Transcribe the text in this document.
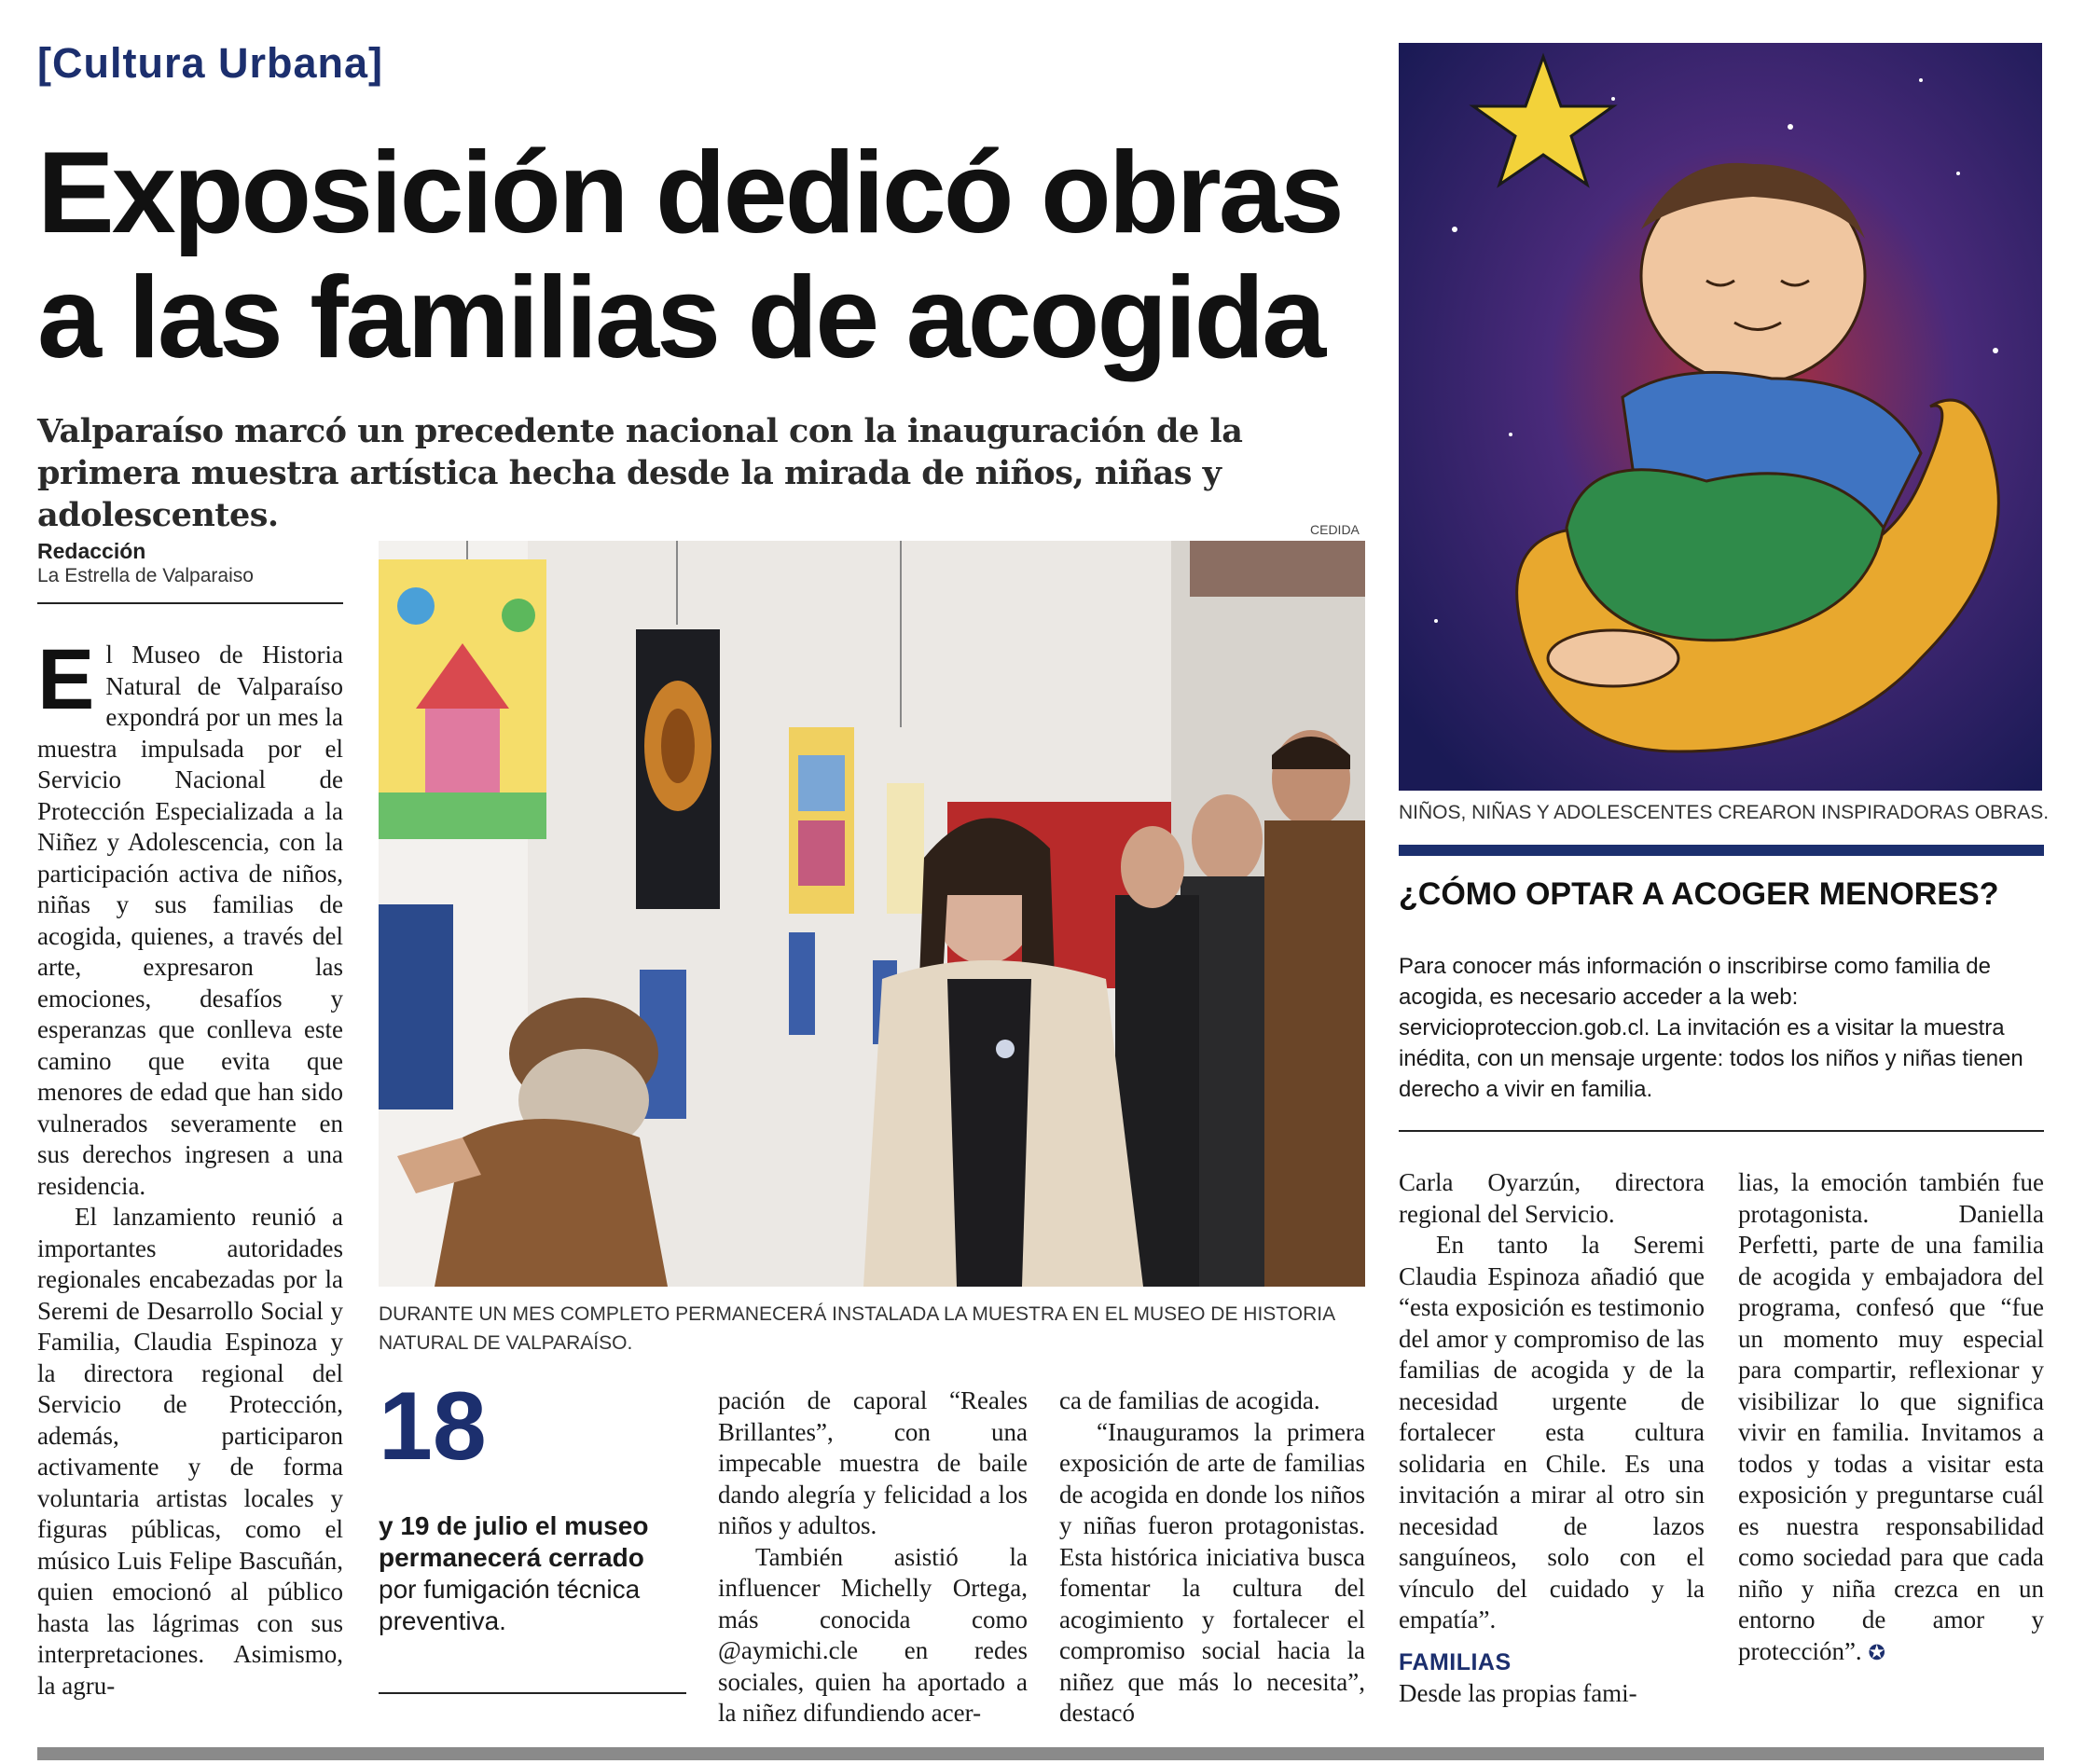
[Cultura Urbana]
Exposición dedicó obras
a las familias de acogida
Valparaíso marcó un precedente nacional con la inauguración de la primera muestra artística hecha desde la mirada de niños, niñas y adolescentes.
Redacción
La Estrella de Valparaiso
CEDIDA

El Museo de Historia Natural de Valparaíso expondrá por un mes la muestra impulsada por el Servicio Nacional de Protección Especializada a la Niñez y Adolescencia, con la participación activa de niños, niñas y sus familias de acogida, quienes, a través del arte, expresaron las emociones, desafíos y esperanzas que conlleva este camino que evita que menores de edad que han sido vulnerados severamente en sus derechos ingresen a una residencia.

El lanzamiento reunió a importantes autoridades regionales encabezadas por la Seremi de Desarrollo Social y Familia, Claudia Espinoza y la directora regional del Servicio de Protección, además, participaron activamente y de forma voluntaria artistas locales y figuras públicas, como el músico Luis Felipe Bascuñán, quien emocionó al público hasta las lágrimas con sus interpretaciones. Asimismo, la agru-

DURANTE UN MES COMPLETO PERMANECERÁ INSTALADA LA MUESTRA EN EL MUSEO DE HISTORIA NATURAL DE VALPARAÍSO.
18
y 19 de julio el museo permanecerá cerrado por fumigación técnica preventiva.

pación de caporal “Reales Brillantes”, con una impecable muestra de baile dando alegría y felicidad a los niños y adultos.

También asistió la influencer Michelly Ortega, más conocida como @aymichi.cle en redes sociales, quien ha aportado a la niñez difundiendo acer-

ca de familias de acogida.

“Inauguramos la primera exposición de arte de familias de acogida en donde los niños y niñas fueron protagonistas. Esta histórica iniciativa busca fomentar la cultura del acogimiento y fortalecer el compromiso social hacia la niñez que más lo necesita”, destacó

NIÑOS, NIÑAS Y ADOLESCENTES CREARON INSPIRADORAS OBRAS.
¿CÓMO OPTAR A ACOGER MENORES?
Para conocer más información o inscribirse como familia de acogida, es necesario acceder a la web: servicioproteccion.gob.cl. La invitación es a visitar la muestra inédita, con un mensaje urgente: todos los niños y niñas tienen derecho a vivir en familia.

Carla Oyarzún, directora regional del Servicio.

En tanto la Seremi Claudia Espinoza añadió que “esta exposición es testimonio del amor y compromiso de las familias de acogida y de la necesidad urgente de fortalecer esta cultura solidaria en Chile. Es una invitación a mirar al otro sin necesidad de lazos sanguíneos, solo con el vínculo del cuidado y la empatía”.

FAMILIAS

Desde las propias fami-

lias, la emoción también fue protagonista. Daniella Perfetti, parte de una familia de acogida y embajadora del programa, confesó que “fue un momento muy especial para compartir, reflexionar y visibilizar lo que significa vivir en familia. Invitamos a todos y todas a visitar esta exposición y preguntarse cuál es nuestra responsabilidad como sociedad para que cada niño y niña crezca en un entorno de amor y protección”. ✪
